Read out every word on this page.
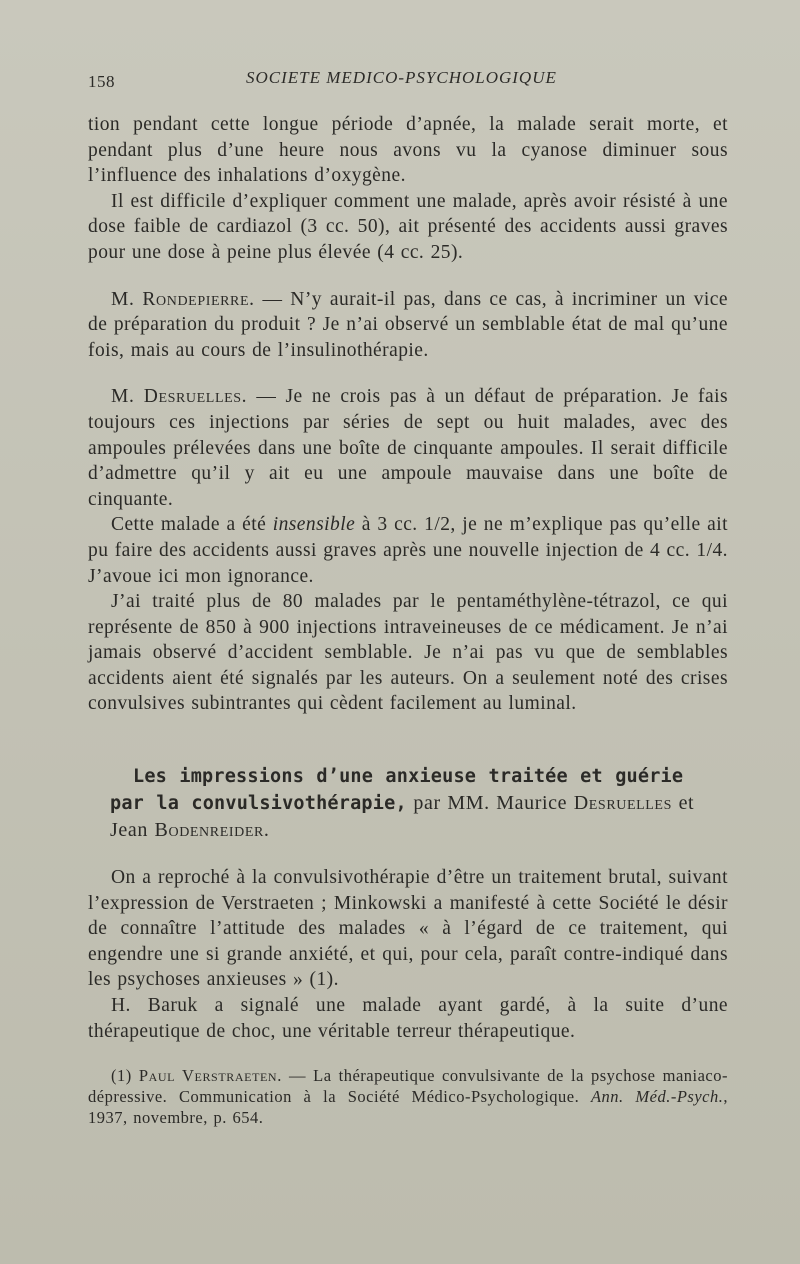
158	SOCIETE MEDICO-PSYCHOLOGIQUE

tion pendant cette longue période d’apnée, la malade serait morte, et pendant plus d’une heure nous avons vu la cyanose diminuer sous l’influence des inhalations d’oxygène.

Il est difficile d’expliquer comment une malade, après avoir résisté à une dose faible de cardiazol (3 cc. 50), ait présenté des accidents aussi graves pour une dose à peine plus élevée (4 cc. 25).

M. Rondepierre. — N’y aurait-il pas, dans ce cas, à incriminer un vice de préparation du produit ? Je n’ai observé un semblable état de mal qu’une fois, mais au cours de l’insulinothérapie.

M. Desruelles. — Je ne crois pas à un défaut de préparation. Je fais toujours ces injections par séries de sept ou huit malades, avec des ampoules prélevées dans une boîte de cinquante ampoules. Il serait difficile d’admettre qu’il y ait eu une ampoule mauvaise dans une boîte de cinquante.

Cette malade a été insensible à 3 cc. 1/2, je ne m’explique pas qu’elle ait pu faire des accidents aussi graves après une nouvelle injection de 4 cc. 1/4. J’avoue ici mon ignorance.

J’ai traité plus de 80 malades par le pentaméthylène-tétrazol, ce qui représente de 850 à 900 injections intraveineuses de ce médicament. Je n’ai jamais observé d’accident semblable. Je n’ai pas vu que de semblables accidents aient été signalés par les auteurs. On a seulement noté des crises convulsives subintrantes qui cèdent facilement au luminal.

Les impressions d’une anxieuse traitée et guérie par la convulsivothérapie, par MM. Maurice Desruelles et Jean Bodenreider.

On a reproché à la convulsivothérapie d’être un traitement brutal, suivant l’expression de Verstraeten ; Minkowski a manifesté à cette Société le désir de connaître l’attitude des malades « à l’égard de ce traitement, qui engendre une si grande anxiété, et qui, pour cela, paraît contre-indiqué dans les psychoses anxieuses » (1).

H. Baruk a signalé une malade ayant gardé, à la suite d’une thérapeutique de choc, une véritable terreur thérapeutique.

(1) Paul Verstraeten. — La thérapeutique convulsivante de la psychose maniaco-dépressive. Communication à la Société Médico-Psychologique. Ann. Méd.-Psych., 1937, novembre, p. 654.
